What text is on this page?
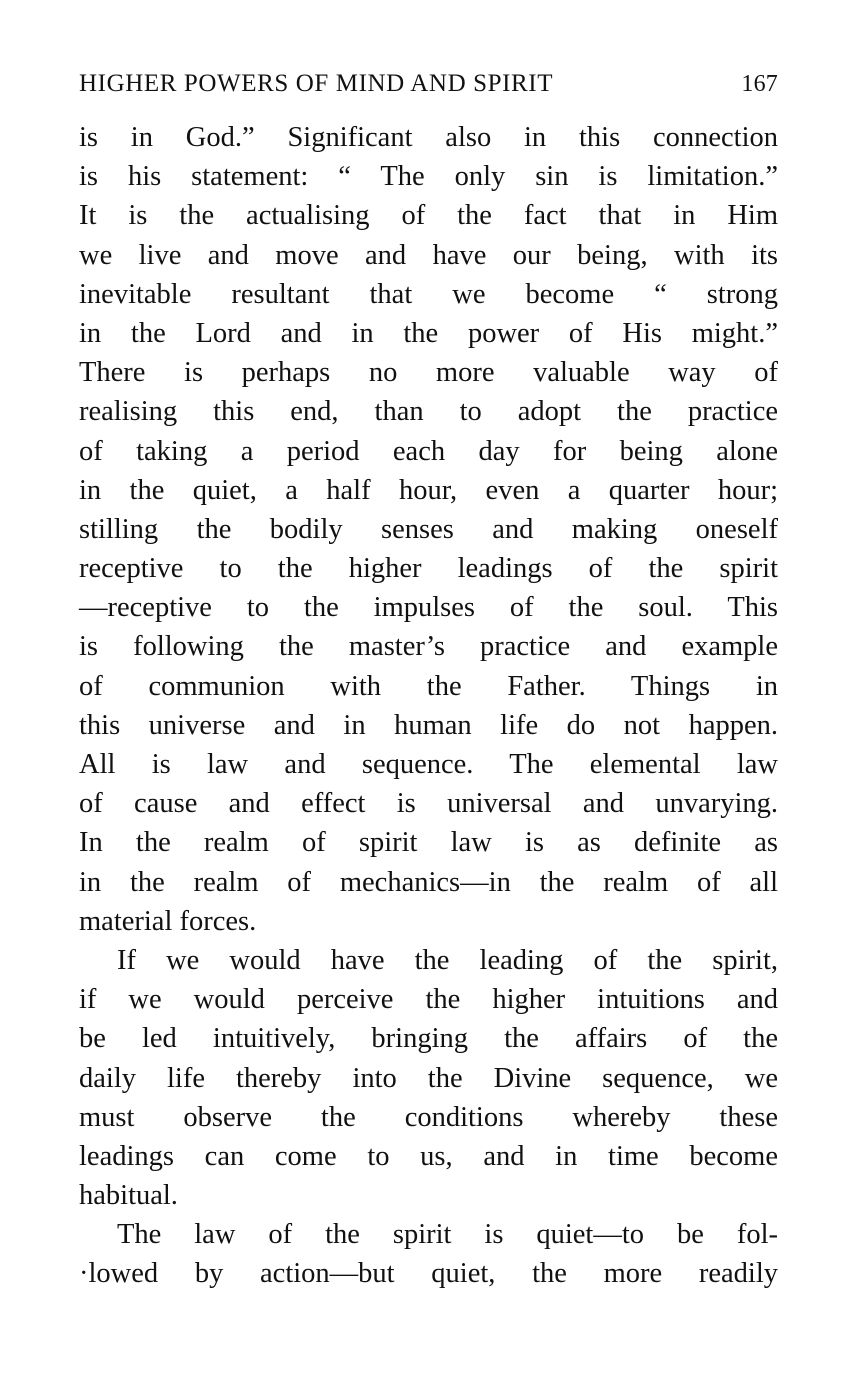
HIGHER POWERS OF MIND AND SPIRIT	167
is in God.” Significant also in this connection
is his statement: “ The only sin is limitation.”
It is the actualising of the fact that in Him
we live and move and have our being, with its
inevitable resultant that we become “ strong
in the Lord and in the power of His might.”
There is perhaps no more valuable way of
realising this end, than to adopt the practice
of taking a period each day for being alone
in the quiet, a half hour, even a quarter hour;
stilling the bodily senses and making oneself
receptive to the higher leadings of the spirit
—receptive to the impulses of the soul. This
is following the master’s practice and example
of communion with the Father. Things in
this universe and in human life do not happen.
All is law and sequence. The elemental law
of cause and effect is universal and unvarying.
In the realm of spirit law is as definite as
in the realm of mechanics—in the realm of all
material forces.
If we would have the leading of the spirit,
if we would perceive the higher intuitions and
be led intuitively, bringing the affairs of the
daily life thereby into the Divine sequence, we
must observe the conditions whereby these
leadings can come to us, and in time become
habitual.
The law of the spirit is quiet—to be fol-
·lowed by action—but quiet, the more readily
